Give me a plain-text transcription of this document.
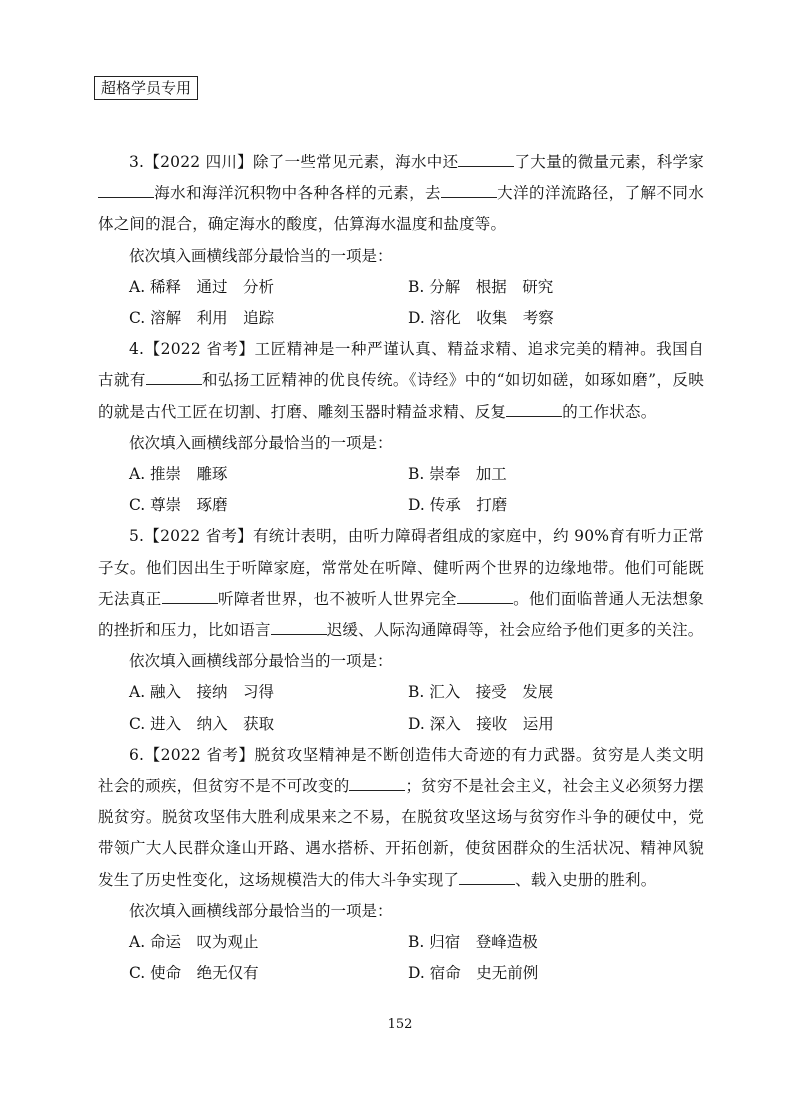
超格学员专用

3.【2022 四川】除了一些常见元素，海水中还	了大量的微量元素，科学家海水和海洋沉积物中各种各样的元素，去	大洋的洋流路径，了解不同水体之间的混合，确定海水的酸度，估算海水温度和盐度等。

依次填入画横线部分最恰当的一项是：

A. 稀释　通过　分析	B. 分解　根据　研究
C. 溶解　利用　追踪	D. 溶化　收集　考察

4.【2022 省考】工匠精神是一种严谨认真、精益求精、追求完美的精神。我国自古就有	和弘扬工匠精神的优良传统。《诗经》中的“如切如磋，如琢如磨”，反映的就是古代工匠在切割、打磨、雕刻玉器时精益求精、反复	的工作状态。

依次填入画横线部分最恰当的一项是：

A. 推崇　雕琢	B. 崇奉　加工
C. 尊崇　琢磨	D. 传承　打磨

5.【2022 省考】有统计表明，由听力障碍者组成的家庭中，约 90%育有听力正常子女。他们因出生于听障家庭，常常处在听障、健听两个世界的边缘地带。他们可能既无法真正	听障者世界，也不被听人世界完全	。他们面临普通人无法想象的挫折和压力，比如语言	迟缓、人际沟通障碍等，社会应给予他们更多的关注。

依次填入画横线部分最恰当的一项是：

A. 融入　接纳　习得	B. 汇入　接受　发展
C. 进入　纳入　获取	D. 深入　接收　运用

6.【2022 省考】脱贫攻坚精神是不断创造伟大奇迹的有力武器。贫穷是人类文明社会的顽疾，但贫穷不是不可改变的	；贫穷不是社会主义，社会主义必须努力摆脱贫穷。脱贫攻坚伟大胜利成果来之不易，在脱贫攻坚这场与贫穷作斗争的硬仗中，党带领广大人民群众逢山开路、遇水搭桥、开拓创新，使贫困群众的生活状况、精神风貌发生了历史性变化，这场规模浩大的伟大斗争实现了	、载入史册的胜利。

依次填入画横线部分最恰当的一项是：

A. 命运　叹为观止	B. 归宿　登峰造极
C. 使命　绝无仅有	D. 宿命　史无前例
152
